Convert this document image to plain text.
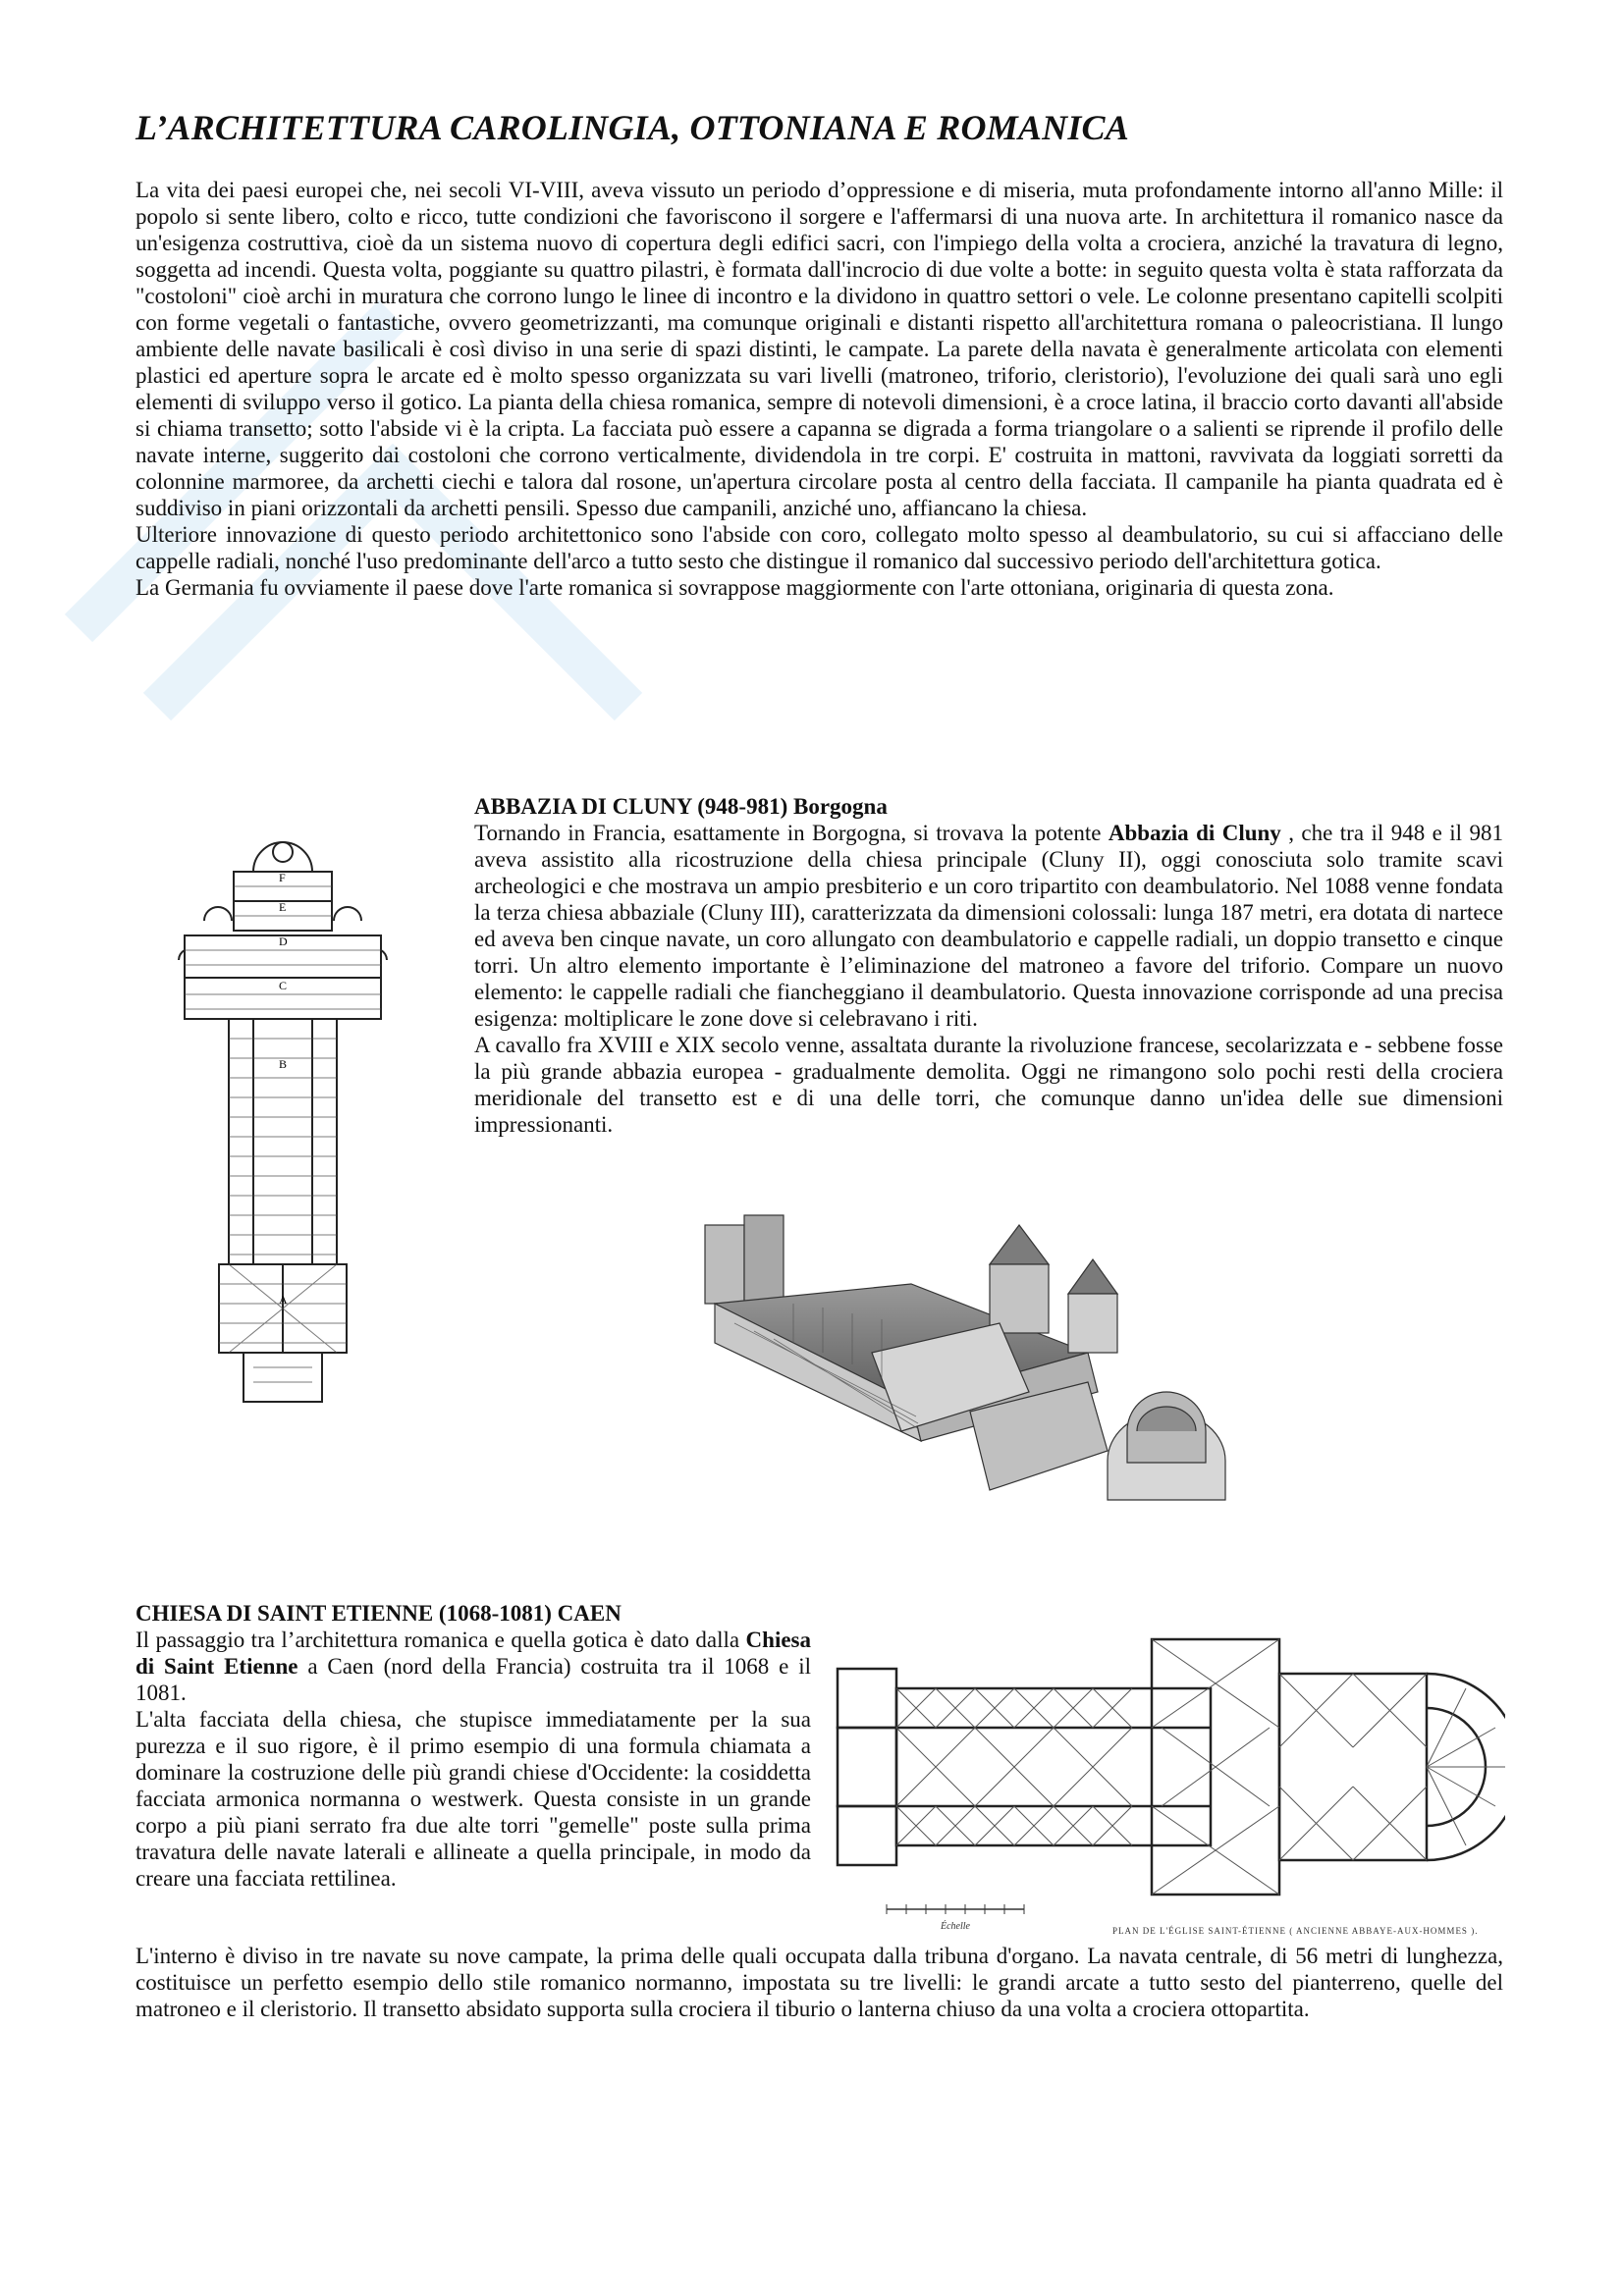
L’ARCHITETTURA CAROLINGIA, OTTONIANA E ROMANICA

La vita dei paesi europei che, nei secoli VI-VIII, aveva vissuto un periodo d’oppressione e di miseria, muta profondamente intorno all'anno Mille: il popolo si sente libero, colto e ricco, tutte condizioni che favoriscono il sorgere e l'affermarsi di una nuova arte. In architettura il romanico nasce da un'esigenza costruttiva, cioè da un sistema nuovo di copertura degli edifici sacri, con l'impiego della volta a crociera, anziché la travatura di legno, soggetta ad incendi. Questa volta, poggiante su quattro pilastri, è formata dall'incrocio di due volte a botte: in seguito questa volta è stata rafforzata da "costoloni" cioè archi in muratura che corrono lungo le linee di incontro e la dividono in quattro settori o vele. Le colonne presentano capitelli scolpiti con forme vegetali o fantastiche, ovvero geometrizzanti, ma comunque originali e distanti rispetto all'architettura romana o paleocristiana. Il lungo ambiente delle navate basilicali è così diviso in una serie di spazi distinti, le campate. La parete della navata è generalmente articolata con elementi plastici ed aperture sopra le arcate ed è molto spesso organizzata su vari livelli (matroneo, triforio, cleristorio), l'evoluzione dei quali sarà uno egli elementi di sviluppo verso il gotico. La pianta della chiesa romanica, sempre di notevoli dimensioni, è a croce latina, il braccio corto davanti all'abside si chiama transetto; sotto l'abside vi è la cripta. La facciata può essere a capanna se digrada a forma triangolare o a salienti se riprende il profilo delle navate interne, suggerito dai costoloni che corrono verticalmente, dividendola in tre corpi. E' costruita in mattoni, ravvivata da loggiati sorretti da colonnine marmoree, da archetti ciechi e talora dal rosone, un'apertura circolare posta al centro della facciata. Il campanile ha pianta quadrata ed è suddiviso in piani orizzontali da archetti pensili. Spesso due campanili, anziché uno, affiancano la chiesa.

Ulteriore innovazione di questo periodo architettonico sono l'abside con coro, collegato molto spesso al deambulatorio, su cui si affacciano delle cappelle radiali, nonché l'uso predominante dell'arco a tutto sesto che distingue il romanico dal successivo periodo dell'architettura gotica.

La Germania fu ovviamente il paese dove l'arte romanica si sovrappose maggiormente con l'arte ottoniana, originaria di questa zona.

F
E
D
C
B
A

ABBAZIA DI CLUNY (948-981) Borgogna

Tornando in Francia, esattamente in Borgogna, si trovava la potente Abbazia di Cluny , che tra il 948 e il 981 aveva assistito alla ricostruzione della chiesa principale (Cluny II), oggi conosciuta solo tramite scavi archeologici e che mostrava un ampio presbiterio e un coro tripartito con deambulatorio. Nel 1088 venne fondata la terza chiesa abbaziale (Cluny III), caratterizzata da dimensioni colossali: lunga 187 metri, era dotata di nartece ed aveva ben cinque navate, un coro allungato con deambulatorio e cappelle radiali, un doppio transetto e cinque torri. Un altro elemento importante è l’eliminazione del matroneo a favore del triforio. Compare un nuovo elemento: le cappelle radiali che fiancheggiano il deambulatorio. Questa innovazione corrisponde ad una precisa esigenza: moltiplicare le zone dove si celebravano i riti.

A cavallo fra XVIII e XIX secolo venne, assaltata durante la rivoluzione francese, secolarizzata e - sebbene fosse la più grande abbazia europea - gradualmente demolita. Oggi ne rimangono solo pochi resti della crociera meridionale del transetto est e di una delle torri, che comunque danno un'idea delle sue dimensioni impressionanti.

CHIESA DI SAINT ETIENNE (1068-1081) CAEN

Il passaggio tra l’architettura romanica e quella gotica è dato dalla Chiesa di Saint Etienne a Caen (nord della Francia) costruita tra il 1068 e il 1081.

L'alta facciata della chiesa, che stupisce immediatamente per la sua purezza e il suo rigore, è il primo esempio di una formula chiamata a dominare la costruzione delle più grandi chiese d'Occidente: la cosiddetta facciata armonica normanna o westwerk. Questa consiste in un grande corpo a più piani serrato fra due alte torri "gemelle" poste sulla prima travatura delle navate laterali e allineate a quella principale, in modo da creare una facciata rettilinea.

Échelle	PLAN DE L'ÉGLISE SAINT-ÉTIENNE ( ANCIENNE ABBAYE-AUX-HOMMES ).

L'interno è diviso in tre navate su nove campate, la prima delle quali occupata dalla tribuna d'organo. La navata centrale, di 56 metri di lunghezza, costituisce un perfetto esempio dello stile romanico normanno, impostata su tre livelli: le grandi arcate a tutto sesto del pianterreno, quelle del matroneo e il cleristorio. Il transetto absidato supporta sulla crociera il tiburio o lanterna chiuso da una volta a crociera ottopartita.
